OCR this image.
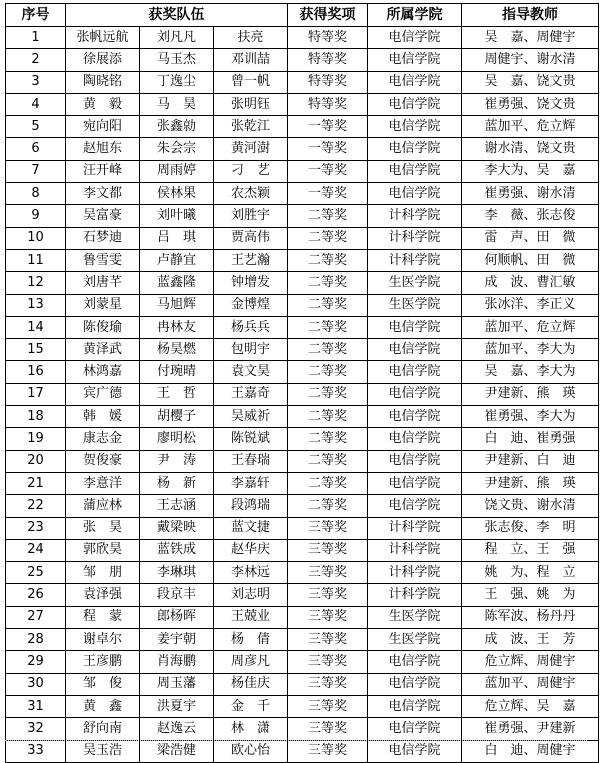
序号	获奖队伍			获得奖项	所属学院	指导教师
1	张帆远航	刘凡凡	扶亮	特等奖	电信学院	吴　嘉、周健宇
2	徐展添	马玉杰	邓训喆	特等奖	电信学院	周健宇、谢水清
3	陶晓铭	丁逸尘	曾一帆	特等奖	电信学院	吴　嘉、饶文贵
4	黄　毅	马　昊	张明钰	特等奖	电信学院	崔勇强、饶文贵
5	宛向阳	张鑫勍	张乾江	一等奖	电信学院	蓝加平、危立辉
6	赵旭东	朱会宗	黄河澍	一等奖	电信学院	谢水清、饶文贵
7	汪开峰	周雨婷	刁　艺	一等奖	电信学院	李大为、吴　嘉
8	李文都	侯林果	农杰颖	一等奖	电信学院	崔勇强、谢水清
9	吴富豪	刘叶曦	刘胜宇	二等奖	计科学院	李　薇、张志俊
10	石梦迪	吕　琪	贾高伟	二等奖	计科学院	雷　声、田　微
11	鲁雪雯	卢静宜	王艺瀚	二等奖	计科学院	何顺帆、田　微
12	刘唐芊	蓝鑫隆	钟增发	二等奖	生医学院	成　波、曹汇敏
13	刘蒙星	马旭辉	金博煌	二等奖	生医学院	张冰洋、李正义
14	陈俊瑜	冉林友	杨兵兵	二等奖	电信学院	蓝加平、危立辉
15	黄泽武	杨昊燃	包明宇	二等奖	电信学院	蓝加平、李大为
16	林鸿嘉	付琬晴	袁文昊	二等奖	电信学院	吴　嘉、李大为
17	宾广德	王　哲	王嘉奇	二等奖	电信学院	尹建新、熊　瑛
18	韩　媛	胡樱子	吴威祈	二等奖	电信学院	崔勇强、李大为
19	康志金	廖明松	陈锐斌	二等奖	电信学院	白　迪、崔勇强
20	贺俊豪	尹　涛	王春瑞	二等奖	电信学院	尹建新、白　迪
21	李意洋	杨　新	李嘉轩	二等奖	电信学院	尹建新、熊　瑛
22	蒲应林	王志涵	段鸿瑞	二等奖	电信学院	饶文贵、谢水清
23	张　昊	戴梁映	蓝文捷	三等奖	计科学院	张志俊、李　明
24	郭欣昊	蓝铁成	赵华庆	三等奖	计科学院	程　立、王　强
25	邹　朋	李琳琪	李林远	三等奖	计科学院	姚　为、程　立
26	袁泽强	段京丰	刘志明	三等奖	计科学院	王　强、姚　为
27	程　蒙	郎杨晖	王兢业	三等奖	生医学院	陈军波、杨丹丹
28	谢卓尔	姜宇朝	杨　倩	三等奖	生医学院	成　波、王　芳
29	王彦鹏	肖海鹏	周彦凡	三等奖	电信学院	危立辉、周健宇
30	邹　俊	周玉藩	杨佳庆	三等奖	电信学院	蓝加平、周健宇
31	黄　鑫	洪夏宇	金　千	三等奖	电信学院	危立辉、吴　嘉
32	舒向南	赵逸云	林　潇	三等奖	电信学院	崔勇强、尹建新
33	吴玉浩	梁浩健	欧心怡	三等奖	电信学院	白　迪、周健宇
